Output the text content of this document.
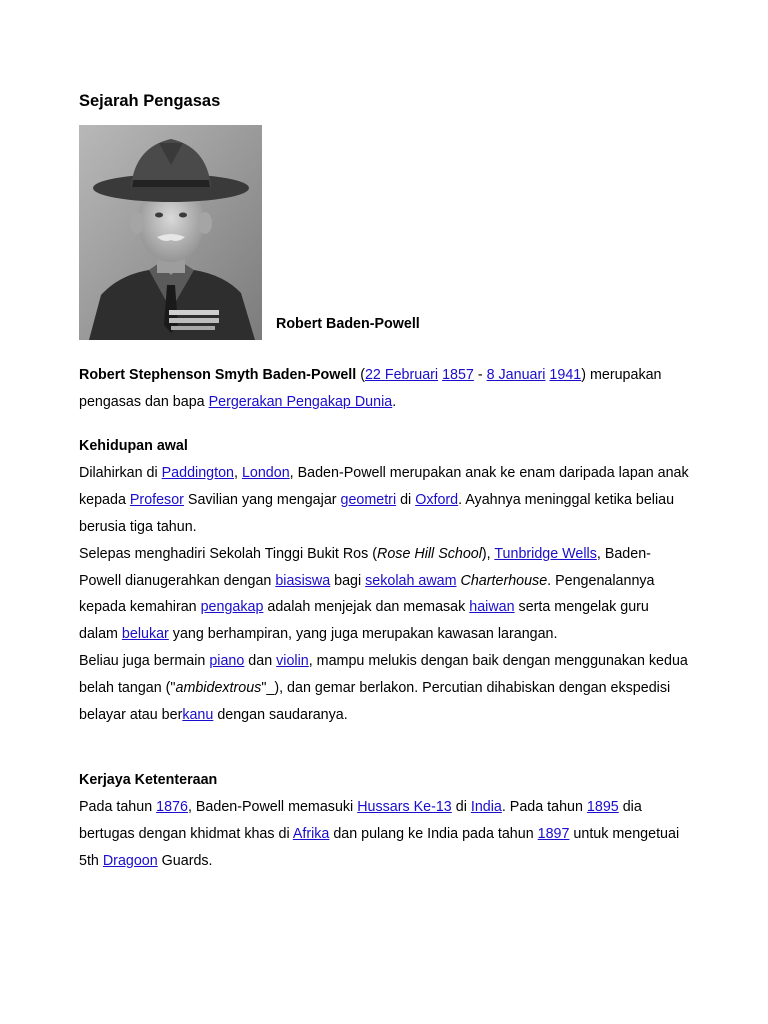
Sejarah Pengasas
Robert Baden-Powell
Robert Stephenson Smyth Baden-Powell (22 Februari 1857 - 8 Januari 1941) merupakan
pengasas dan bapa Pergerakan Pengakap Dunia.
Kehidupan awal
Dilahirkan di Paddington, London, Baden-Powell merupakan anak ke enam daripada lapan anak
kepada Profesor Savilian yang mengajar geometri di Oxford. Ayahnya meninggal ketika beliau
berusia tiga tahun.
Selepas menghadiri Sekolah Tinggi Bukit Ros (Rose Hill School), Tunbridge Wells, Baden-
Powell dianugerahkan dengan biasiswa bagi sekolah awam Charterhouse. Pengenalannya
kepada kemahiran pengakap adalah menjejak dan memasak haiwan serta mengelak guru
dalam belukar yang berhampiran, yang juga merupakan kawasan larangan.
Beliau juga bermain piano dan violin, mampu melukis dengan baik dengan menggunakan kedua
belah tangan ("ambidextrous"_), dan gemar berlakon. Percutian dihabiskan dengan ekspedisi
belayar atau berkanu dengan saudaranya.
Kerjaya Ketenteraan
Pada tahun 1876, Baden-Powell memasuki Hussars Ke-13 di India. Pada tahun 1895 dia
bertugas dengan khidmat khas di Afrika dan pulang ke India pada tahun 1897 untuk mengetuai
5th Dragoon Guards.
